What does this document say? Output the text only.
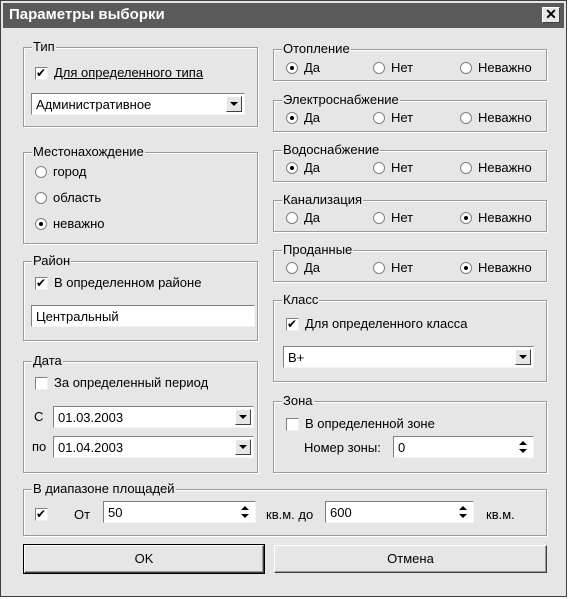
Параметры выборки	✕
Тип
✔
Для определенного типа
Административное
Местонахождение
город
область
неважно
Район
✔
В определенном районе
Центральный
Дата
За определенный период
С 01.03.2003
по 01.04.2003
Отопление
Да	Нет	Неважно
Электроснабжение
Да	Нет	Неважно
Водоснабжение
Да	Нет	Неважно
Канализация
Да	Нет	Неважно
Проданные
Да	Нет	Неважно
Класс
✔
Для определенного класса
B+
Зона
В определенной зоне
Номер зоны: 0
В диапазоне площадей
✔
От 50	кв.м. до 600	кв.м.
OK	Отмена
